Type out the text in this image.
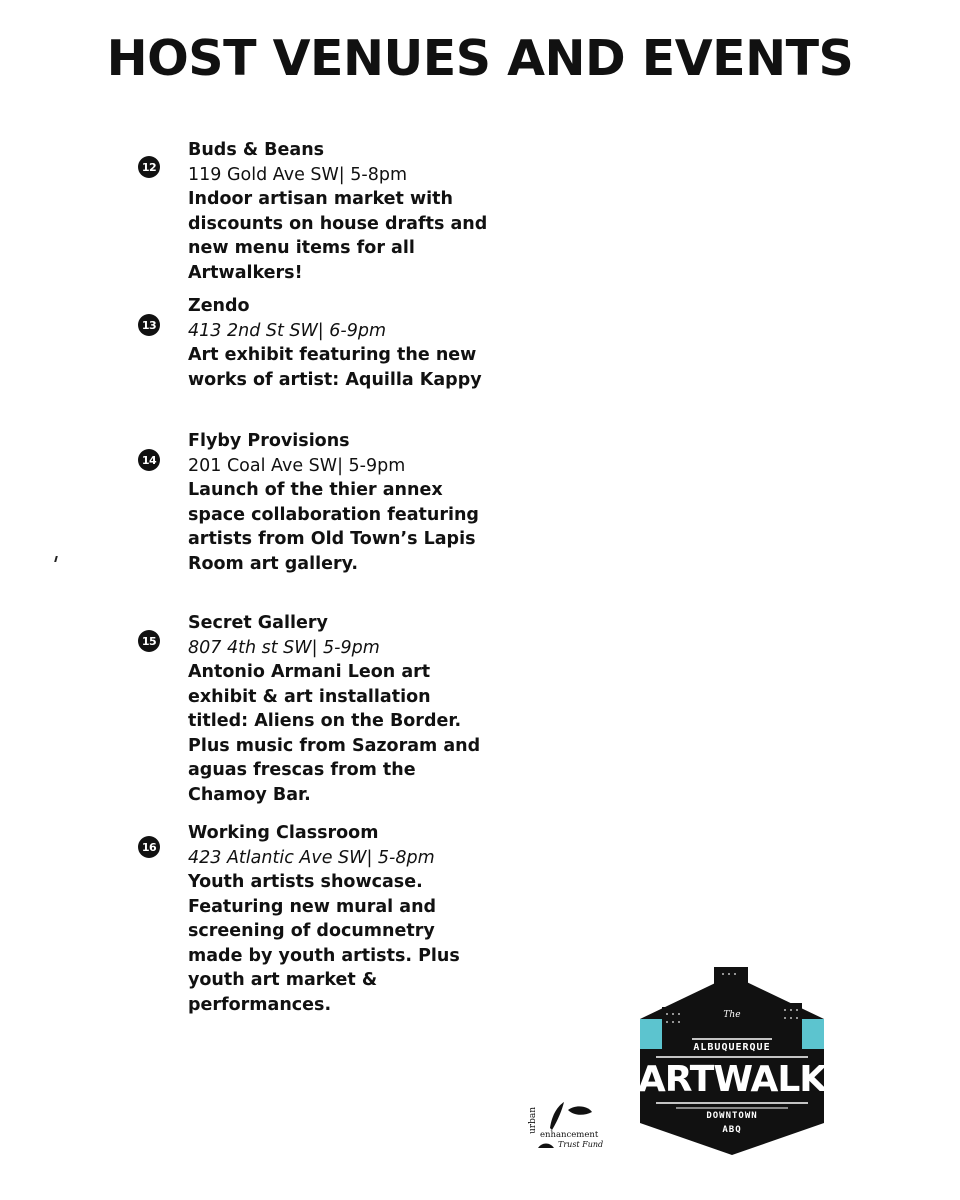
HOST VENUES AND EVENTS
12
Buds & Beans
119 Gold Ave SW| 5-8pm
Indoor artisan market with discounts on house drafts and new menu items for all Artwalkers!
13
Zendo
413 2nd St SW| 6-9pm
Art exhibit featuring the new works of artist: Aquilla Kappy
14
Flyby Provisions
201 Coal Ave SW| 5-9pm
Launch of the thier annex space collaboration featuring artists from Old Town’s Lapis Room art gallery.
15
Secret Gallery
807 4th st SW| 5-9pm
Antonio Armani Leon art exhibit & art installation titled: Aliens on the Border. Plus music from Sazoram and aguas frescas from the Chamoy Bar.
16
Working Classroom
423 Atlantic Ave SW| 5-8pm
Youth artists showcase. Featuring new mural and screening of documnetry made by youth artists. Plus youth art market & performances.
urban
enhancement
Trust Fund
The
ALBUQUERQUE
ARTWALK
DOWNTOWN
ABQ
